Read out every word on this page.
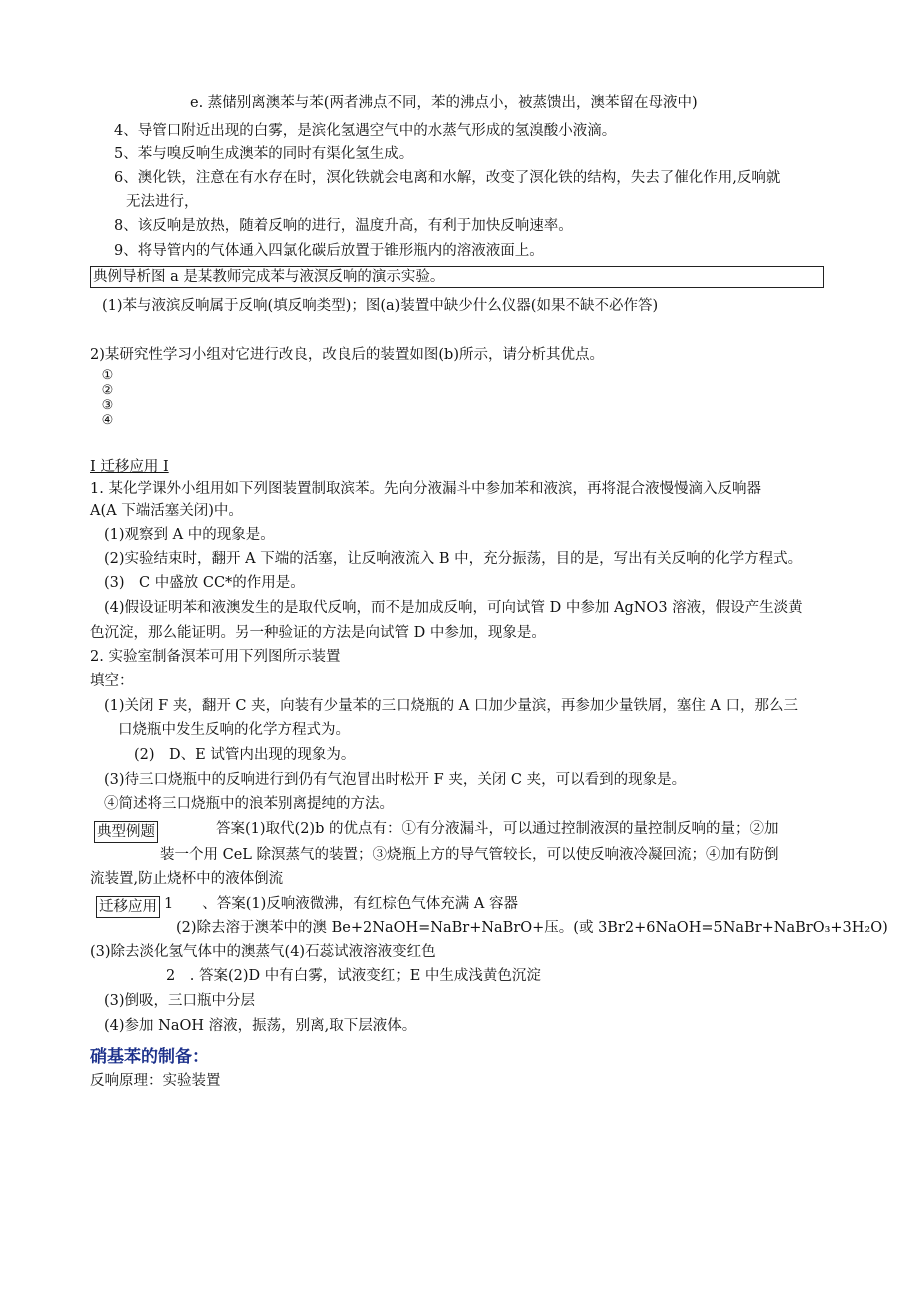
e. 蒸储别离澳苯与苯(两者沸点不同，苯的沸点小，被蒸馈出，澳苯留在母液中)
4、导管口附近出现的白雾，是滨化氢遇空气中的水蒸气形成的氢溴酸小液滴。
5、苯与嗅反响生成澳苯的同时有渠化氢生成。
6、澳化铁，注意在有水存在时，溟化铁就会电离和水解，改变了溟化铁的结构，失去了催化作用,反响就
无法进行，
8、该反响是放热，随着反响的进行，温度升高，有利于加快反响速率。
9、将导管内的气体通入四氯化碳后放置于锥形瓶内的溶液液面上。
典例导析图 a 是某教师完成苯与液溟反响的演示实验。
(1)苯与液滨反响属于反响(填反响类型)；图(a)装置中缺少什么仪器(如果不缺不必作答)
2)某研究性学习小组对它进行改良，改良后的装置如图(b)所示，请分析其优点。
①②③④
I 迁移应用 I
1. 某化学课外小组用如下列图装置制取滨苯。先向分液漏斗中参加苯和液滨，再将混合液慢慢滴入反响器
A(A 下端活塞关闭)中。
(1)观察到 A 中的现象是。
(2)实验结束时，翻开 A 下端的活塞，让反响液流入 B 中，充分振荡，目的是，写出有关反响的化学方程式。
(3)　C 中盛放 CC*的作用是。
(4)假设证明苯和液澳发生的是取代反响，而不是加成反响，可向试管 D 中参加 AgNO3 溶液，假设产生淡黄
色沉淀，那么能证明。另一种验证的方法是向试管 D 中参加，现象是。
2. 实验室制备溟苯可用下列图所示装置
填空：
(1)关闭 F 夹，翻开 C 夹，向装有少量苯的三口烧瓶的 A 口加少量滨，再参加少量铁屑，塞住 A 口，那么三
口烧瓶中发生反响的化学方程式为。
(2)　D、E 试管内出现的现象为。
(3)待三口烧瓶中的反响进行到仍有气泡冒出时松开 F 夹，关闭 C 夹，可以看到的现象是。
④简述将三口烧瓶中的浪苯别离提纯的方法。
典型例题	答案(1)取代(2)b 的优点有：①有分液漏斗，可以通过控制液溟的量控制反响的量；②加
装一个用 CeL 除溟蒸气的装置；③烧瓶上方的导气管较长，可以使反响液冷凝回流；④加有防倒
流装置,防止烧杯中的液体倒流
迁移应用 1　　、答案(1)反响液微沸，有红棕色气体充满 A 容器
(2)除去溶于澳苯中的澳 Be+2NaOH=NaBr+NaBrO+压。(或 3Br2+6NaOH=5NaBr+NaBrO₃+3H₂O)
(3)除去淡化氢气体中的澳蒸气(4)石蕊试液溶液变红色
2　. 答案(2)D 中有白雾，试液变红；E 中生成浅黄色沉淀
(3)倒吸，三口瓶中分层
(4)参加 NaOH 溶液，振荡，别离,取下层液体。
硝基苯的制备：
反响原理：实验装置
